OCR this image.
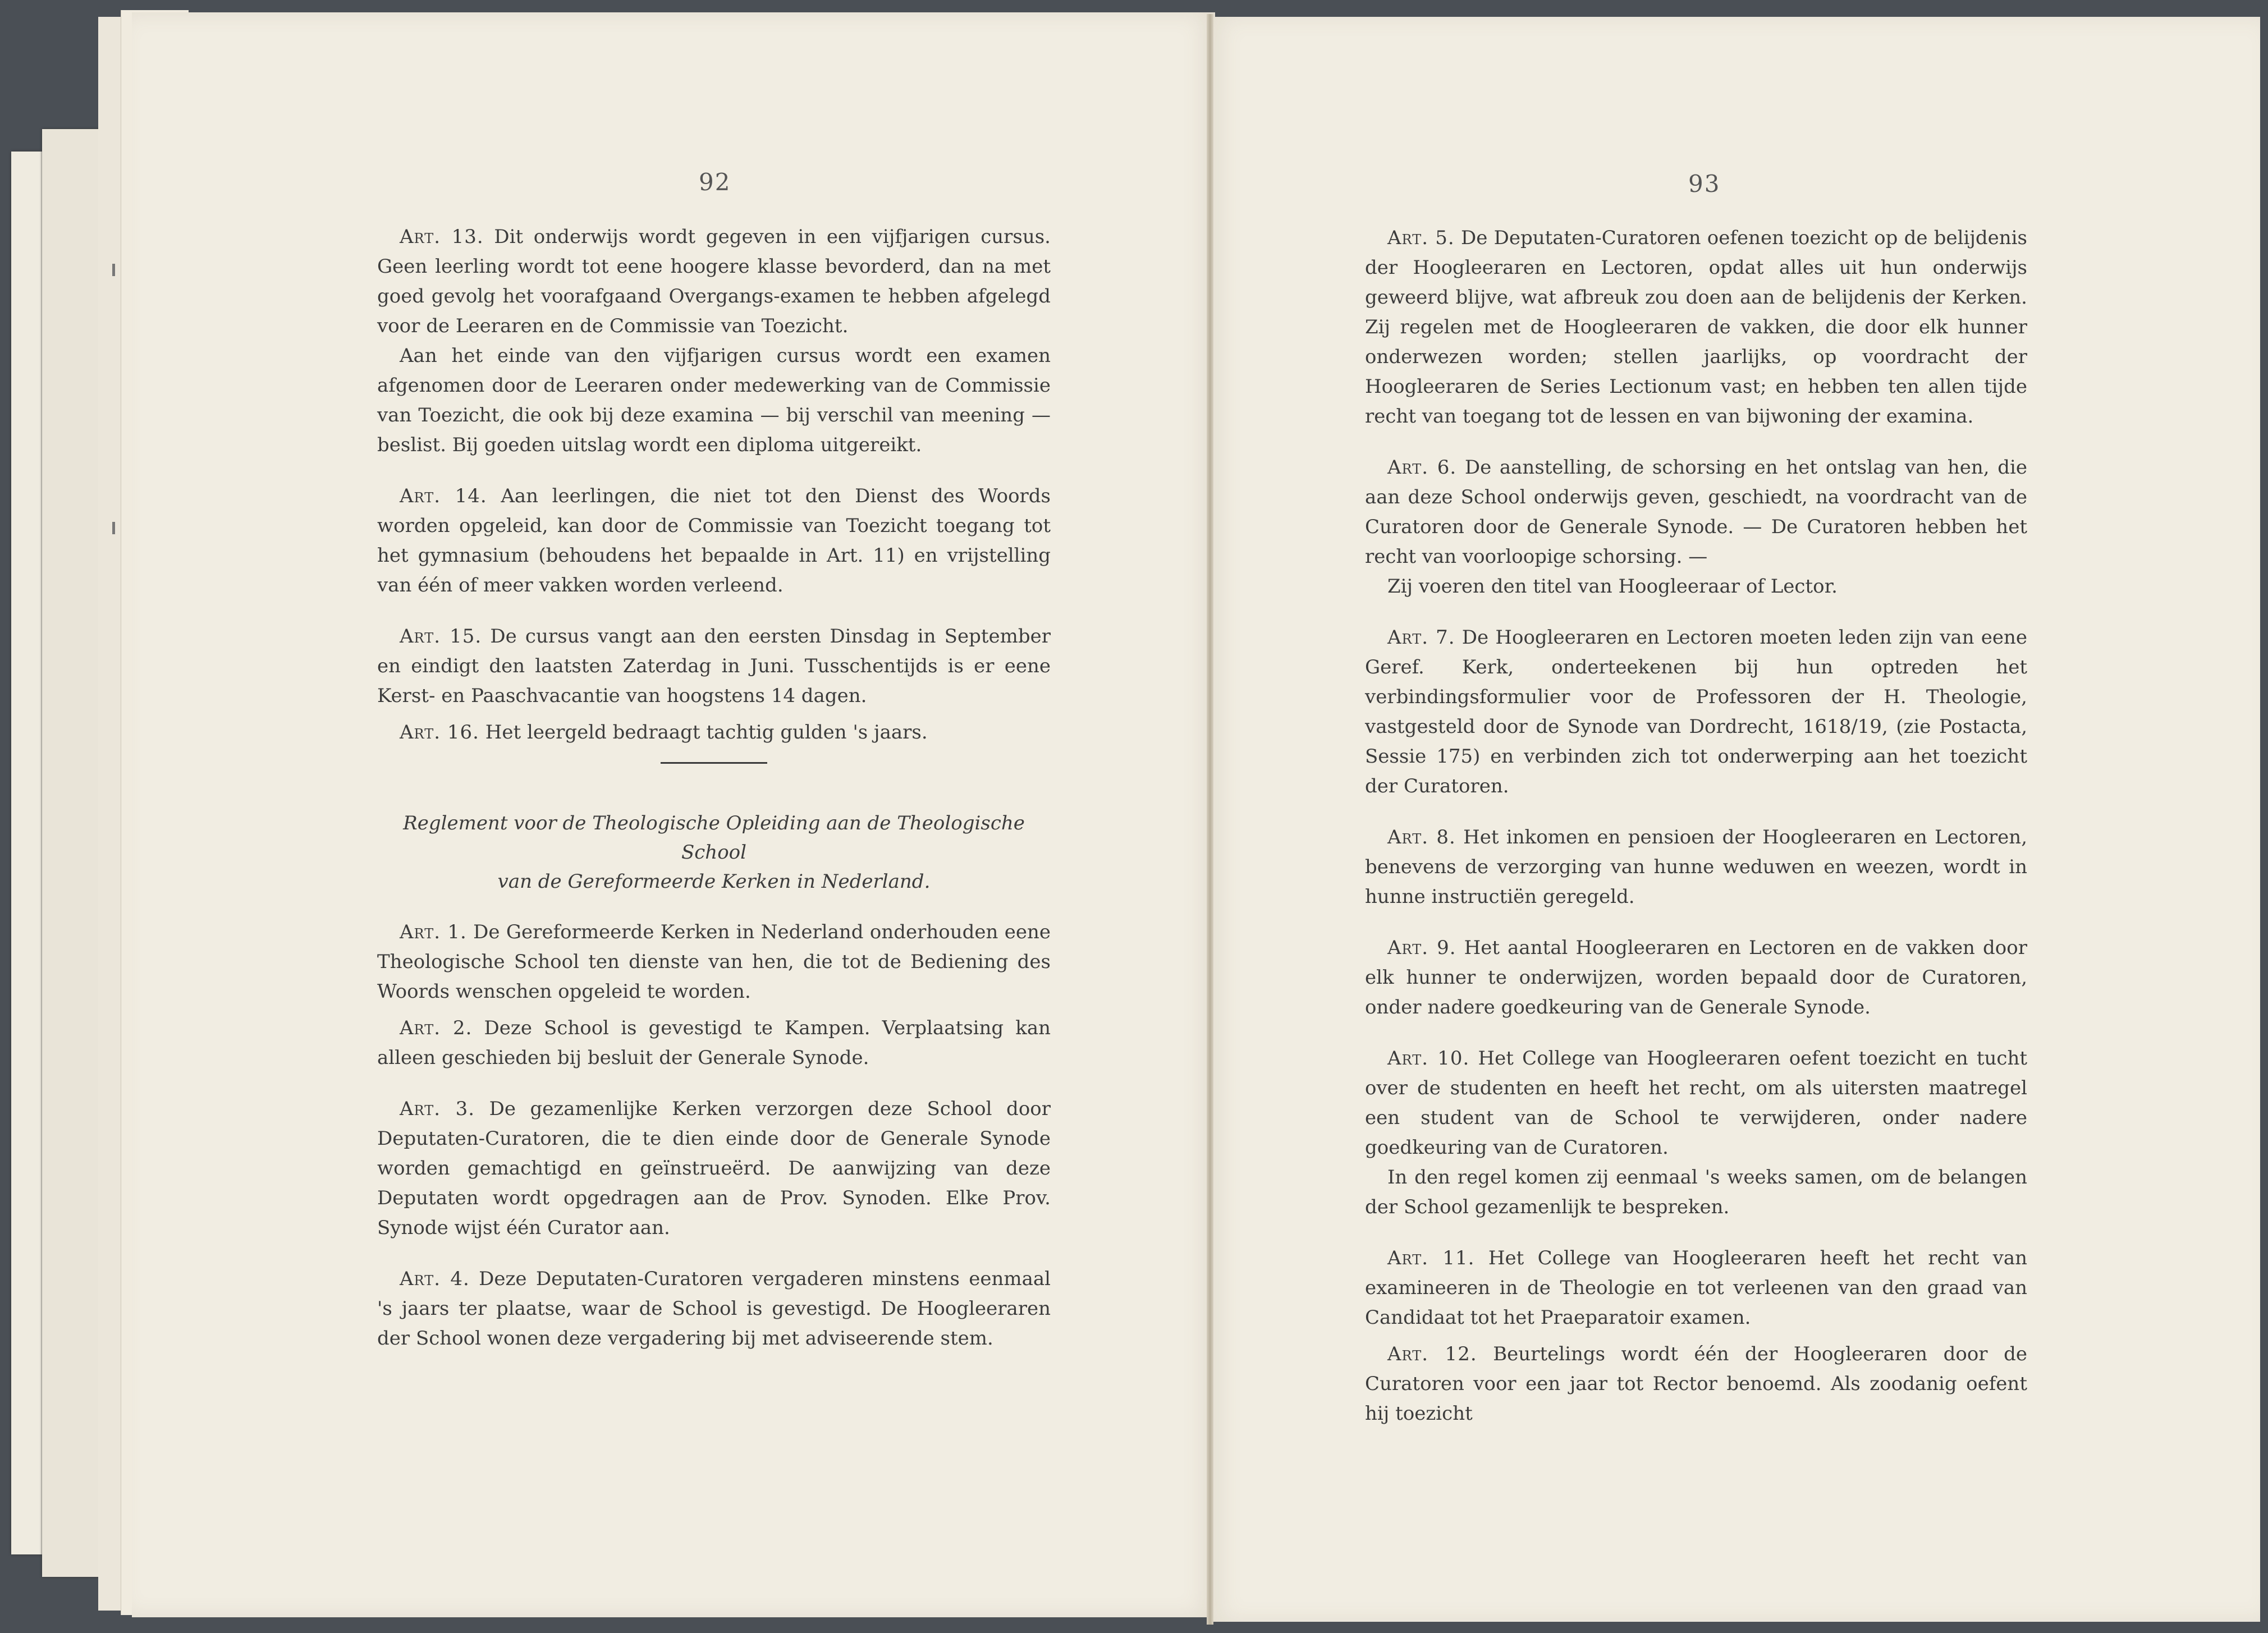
92	93

Art. 13. Dit onderwijs wordt gegeven in een vijfjarigen cursus. Geen leerling wordt tot eene hoogere klasse bevorderd, dan na met goed gevolg het voorafgaand Overgangs-examen te hebben afgelegd voor de Leeraren en de Commissie van Toezicht.

Aan het einde van den vijfjarigen cursus wordt een examen afgenomen door de Leeraren onder medewerking van de Commissie van Toezicht, die ook bij deze examina — bij verschil van meening — beslist. Bij goeden uitslag wordt een diploma uitgereikt.

Art. 14. Aan leerlingen, die niet tot den Dienst des Woords worden opgeleid, kan door de Commissie van Toezicht toegang tot het gymnasium (behoudens het bepaalde in Art. 11) en vrijstelling van één of meer vakken worden verleend.

Art. 15. De cursus vangt aan den eersten Dinsdag in September en eindigt den laatsten Zaterdag in Juni. Tusschentijds is er eene Kerst- en Paaschvacantie van hoogstens 14 dagen.

Art. 16. Het leergeld bedraagt tachtig gulden 's jaars.

Reglement voor de Theologische Opleiding aan de Theologische School
van de Gereformeerde Kerken in Nederland.

Art. 1. De Gereformeerde Kerken in Nederland onderhouden eene Theologische School ten dienste van hen, die tot de Bediening des Woords wenschen opgeleid te worden.

Art. 2. Deze School is gevestigd te Kampen. Verplaatsing kan alleen geschieden bij besluit der Generale Synode.

Art. 3. De gezamenlijke Kerken verzorgen deze School door Deputaten-Curatoren, die te dien einde door de Generale Synode worden gemachtigd en geïnstrueërd. De aanwijzing van deze Deputaten wordt opgedragen aan de Prov. Synoden. Elke Prov. Synode wijst één Curator aan.

Art. 4. Deze Deputaten-Curatoren vergaderen minstens eenmaal 's jaars ter plaatse, waar de School is gevestigd. De Hoogleeraren der School wonen deze vergadering bij met adviseerende stem.

Art. 5. De Deputaten-Curatoren oefenen toezicht op de belijdenis der Hoogleeraren en Lectoren, opdat alles uit hun onderwijs geweerd blijve, wat afbreuk zou doen aan de belijdenis der Kerken. Zij regelen met de Hoogleeraren de vakken, die door elk hunner onderwezen worden; stellen jaarlijks, op voordracht der Hoogleeraren de Series Lectionum vast; en hebben ten allen tijde recht van toegang tot de lessen en van bijwoning der examina.

Art. 6. De aanstelling, de schorsing en het ontslag van hen, die aan deze School onderwijs geven, geschiedt, na voordracht van de Curatoren door de Generale Synode. — De Curatoren hebben het recht van voorloopige schorsing. —

Zij voeren den titel van Hoogleeraar of Lector.

Art. 7. De Hoogleeraren en Lectoren moeten leden zijn van eene Geref. Kerk, onderteekenen bij hun optreden het verbindingsformulier voor de Professoren der H. Theologie, vastgesteld door de Synode van Dordrecht, 1618/19, (zie Postacta, Sessie 175) en verbinden zich tot onderwerping aan het toezicht der Curatoren.

Art. 8. Het inkomen en pensioen der Hoogleeraren en Lectoren, benevens de verzorging van hunne weduwen en weezen, wordt in hunne instructiën geregeld.

Art. 9. Het aantal Hoogleeraren en Lectoren en de vakken door elk hunner te onderwijzen, worden bepaald door de Curatoren, onder nadere goedkeuring van de Generale Synode.

Art. 10. Het College van Hoogleeraren oefent toezicht en tucht over de studenten en heeft het recht, om als uitersten maatregel een student van de School te verwijderen, onder nadere goedkeuring van de Curatoren.

In den regel komen zij eenmaal 's weeks samen, om de belangen der School gezamenlijk te bespreken.

Art. 11. Het College van Hoogleeraren heeft het recht van examineeren in de Theologie en tot verleenen van den graad van Candidaat tot het Praeparatoir examen.

Art. 12. Beurtelings wordt één der Hoogleeraren door de Curatoren voor een jaar tot Rector benoemd. Als zoodanig oefent hij toezicht
